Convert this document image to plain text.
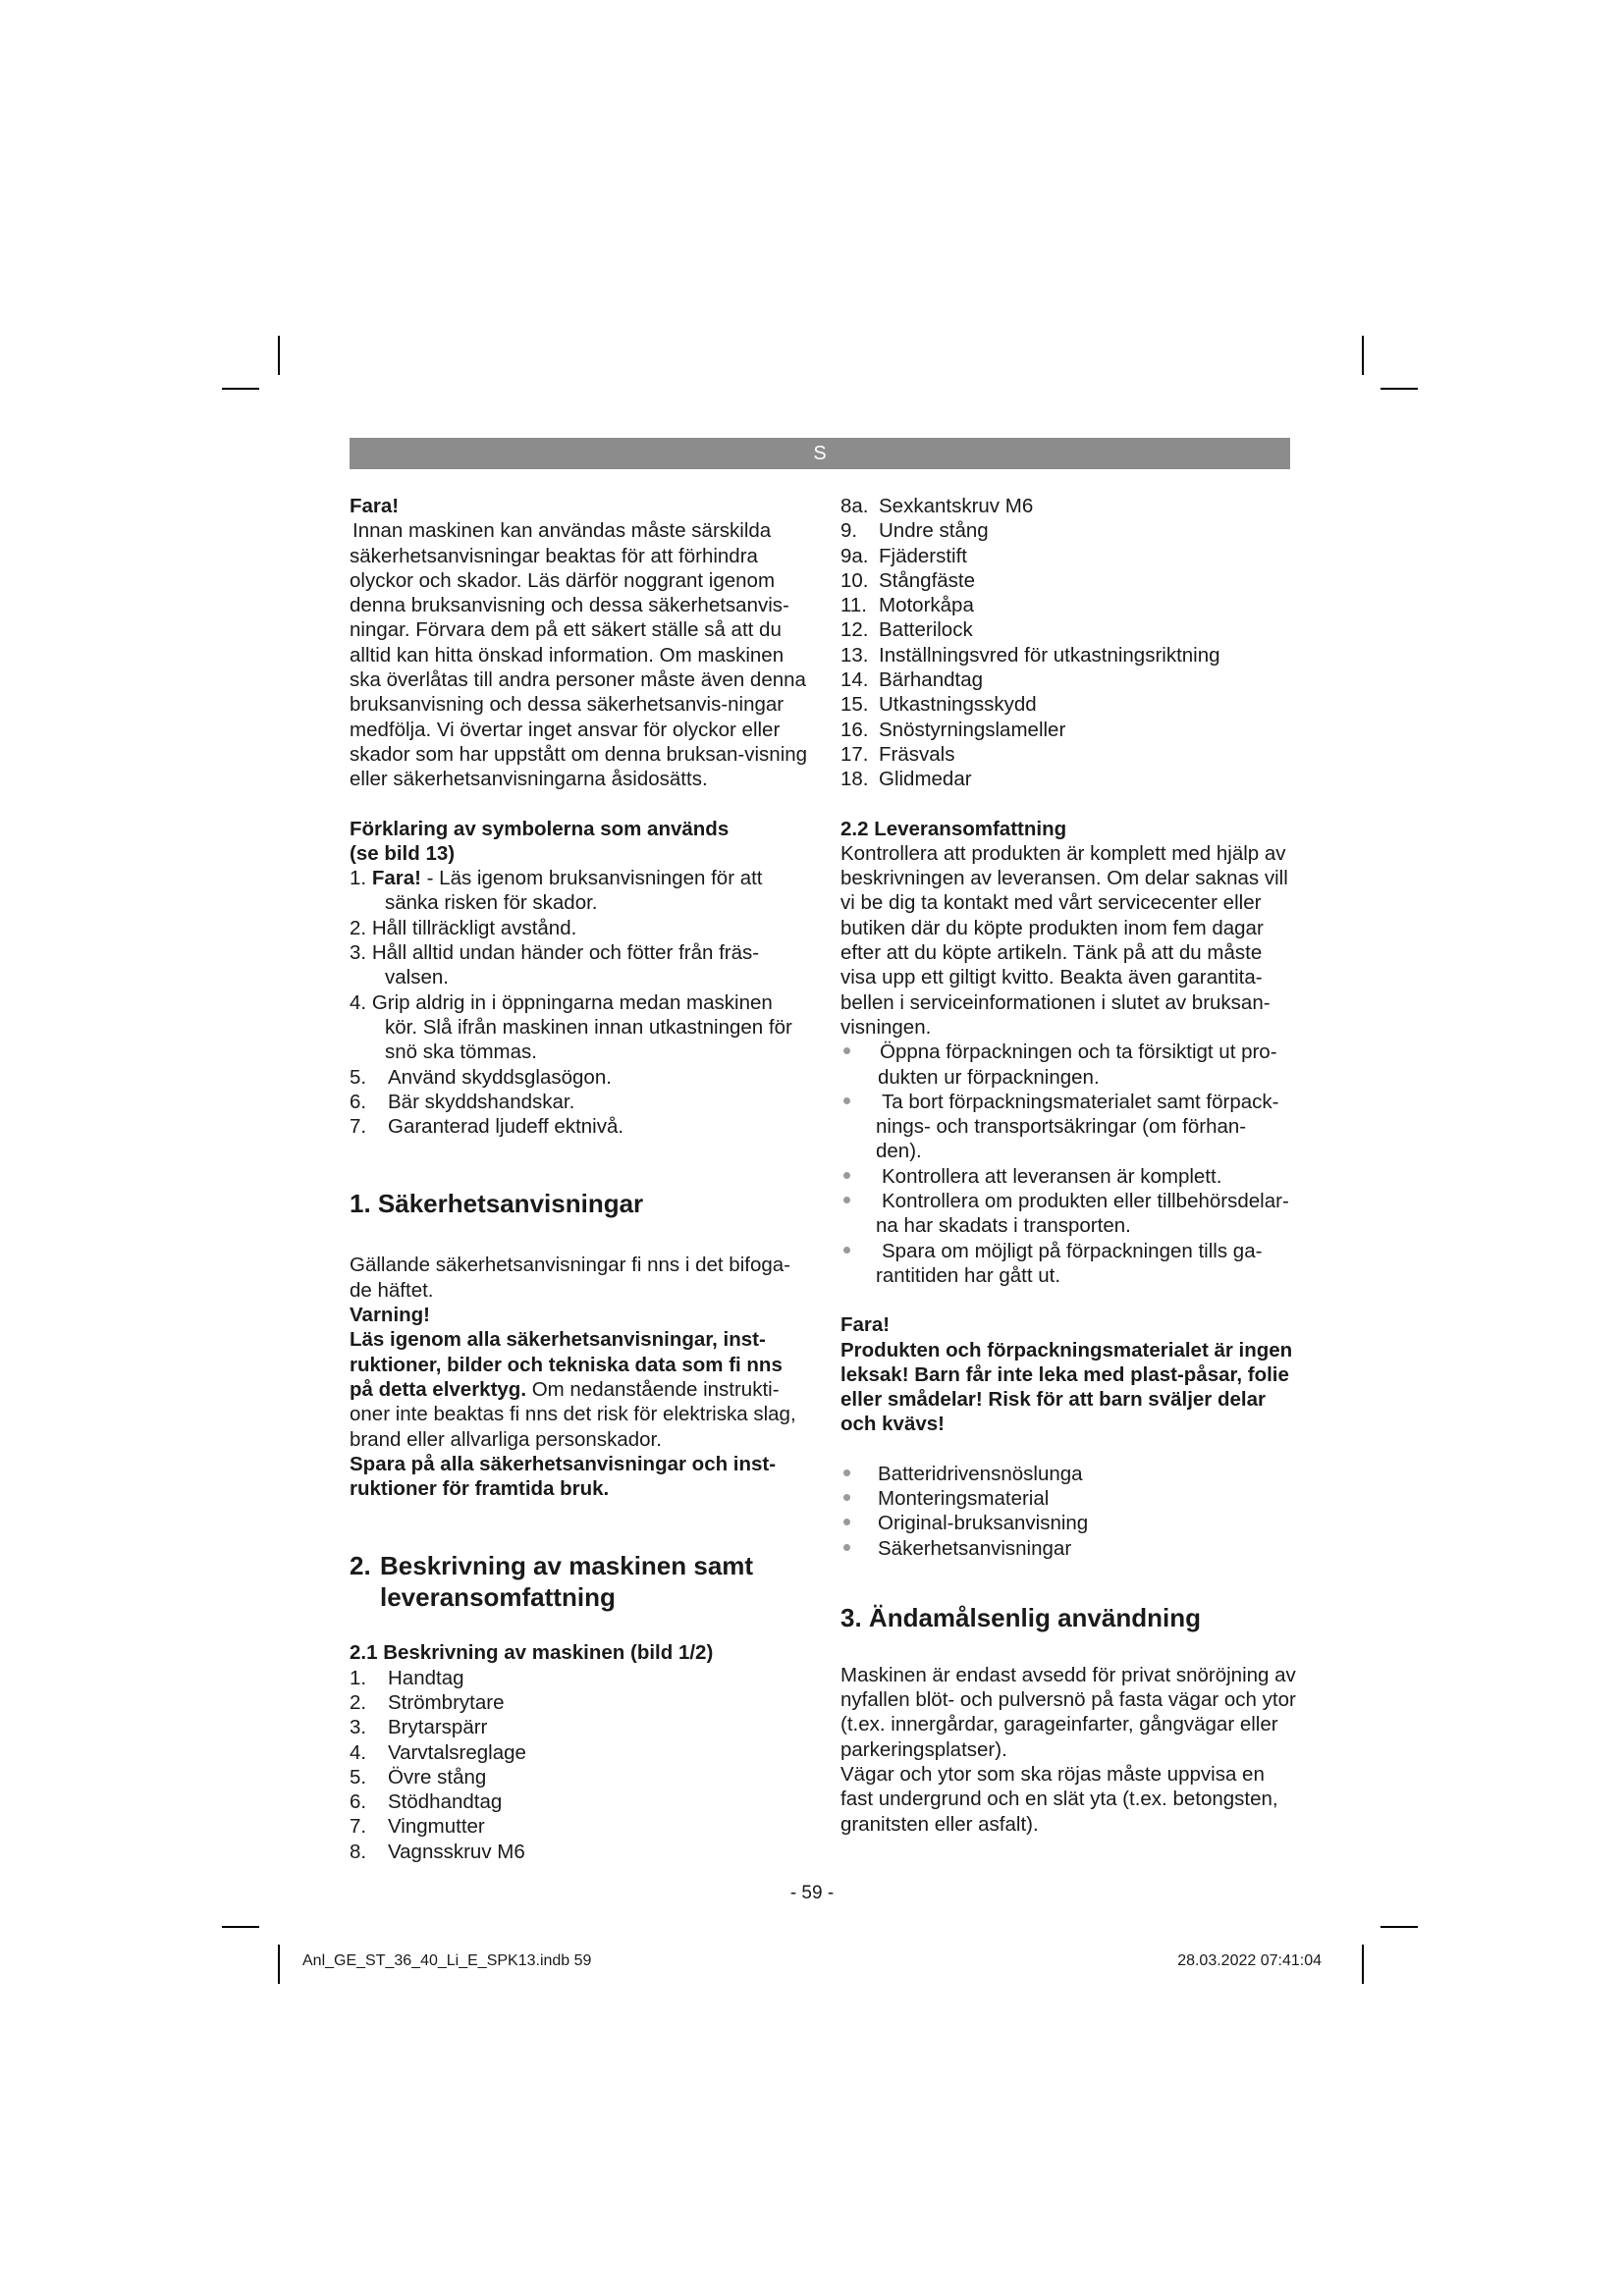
S

Fara!

Innan maskinen kan användas måste särskilda säkerhetsanvisningar beaktas för att förhindra olyckor och skador. Läs därför noggrant igenom denna bruksanvisning och dessa säkerhetsanvis-ningar. Förvara dem på ett säkert ställe så att du alltid kan hitta önskad information. Om maskinen ska överlåtas till andra personer måste även denna bruksanvisning och dessa säkerhetsanvis-ningar medfölja. Vi övertar inget ansvar för olyckor eller skador som har uppstått om denna bruksan-visning eller säkerhetsanvisningarna åsidosätts.

Förklaring av symbolerna som används

(se bild 13)

1. Fara! - Läs igenom bruksanvisningen för att
sänka risken för skador.
2. Håll tillräckligt avstånd.
3. Håll alltid undan händer och fötter från fräs-
valsen.
4. Grip aldrig in i öppningarna medan maskinen
kör. Slå ifrån maskinen innan utkastningen för
snö ska tömmas.
5. Använd skyddsglasögon.
6. Bär skyddshandskar.
7. Garanterad ljudeff ektnivå.
1. Säkerhetsanvisningar

Gällande säkerhetsanvisningar fi nns i det bifoga-de häftet.

Varning!

Läs igenom alla säkerhetsanvisningar, inst-ruktioner, bilder och tekniska data som fi nns på detta elverktyg. Om nedanstående instrukti-oner inte beaktas fi nns det risk för elektriska slag, brand eller allvarliga personskador.

Spara på alla säkerhetsanvisningar och inst-ruktioner för framtida bruk.

2. Beskrivning av maskinen samt
leveransomfattning

2.1 Beskrivning av maskinen (bild 1/2)

1. Handtag
2. Strömbrytare
3. Brytarspärr
4. Varvtalsreglage
5. Övre stång
6. Stödhandtag
7. Vingmutter
8. Vagnsskruv M6
8a. Sexkantskruv M6
9. Undre stång
9a. Fjäderstift
10. Stångfäste
11. Motorkåpa
12. Batterilock
13. Inställningsvred för utkastningsriktning
14. Bärhandtag
15. Utkastningsskydd
16. Snöstyrningslameller
17. Fräsvals
18. Glidmedar

2.2 Leveransomfattning

Kontrollera att produkten är komplett med hjälp av beskrivningen av leveransen. Om delar saknas vill vi be dig ta kontakt med vårt servicecenter eller butiken där du köpte produkten inom fem dagar efter att du köpte artikeln. Tänk på att du måste visa upp ett giltigt kvitto. Beakta även garantita-bellen i serviceinformationen i slutet av bruksan-visningen.

Öppna förpackningen och ta försiktigt ut pro-
dukten ur förpackningen.
Ta bort förpackningsmaterialet samt förpack-
nings- och transportsäkringar (om förhan-
den).
Kontrollera att leveransen är komplett.
Kontrollera om produkten eller tillbehörsdelar-
na har skadats i transporten.
Spara om möjligt på förpackningen tills ga-
rantitiden har gått ut.

Fara!

Produkten och förpackningsmaterialet är ingen leksak! Barn får inte leka med plast-påsar, folie eller smådelar! Risk för att barn sväljer delar och kvävs!

Batteridrivensnöslunga
Monteringsmaterial
Original-bruksanvisning
Säkerhetsanvisningar
3. Ändamålsenlig användning

Maskinen är endast avsedd för privat snöröjning av nyfallen blöt- och pulversnö på fasta vägar och ytor (t.ex. innergårdar, garageinfarter, gångvägar eller parkeringsplatser).

Vägar och ytor som ska röjas måste uppvisa en fast undergrund och en slät yta (t.ex. betongsten, granitsten eller asfalt).

- 59 -
Anl_GE_ST_36_40_Li_E_SPK13.indb 59	28.03.2022 07:41:04
